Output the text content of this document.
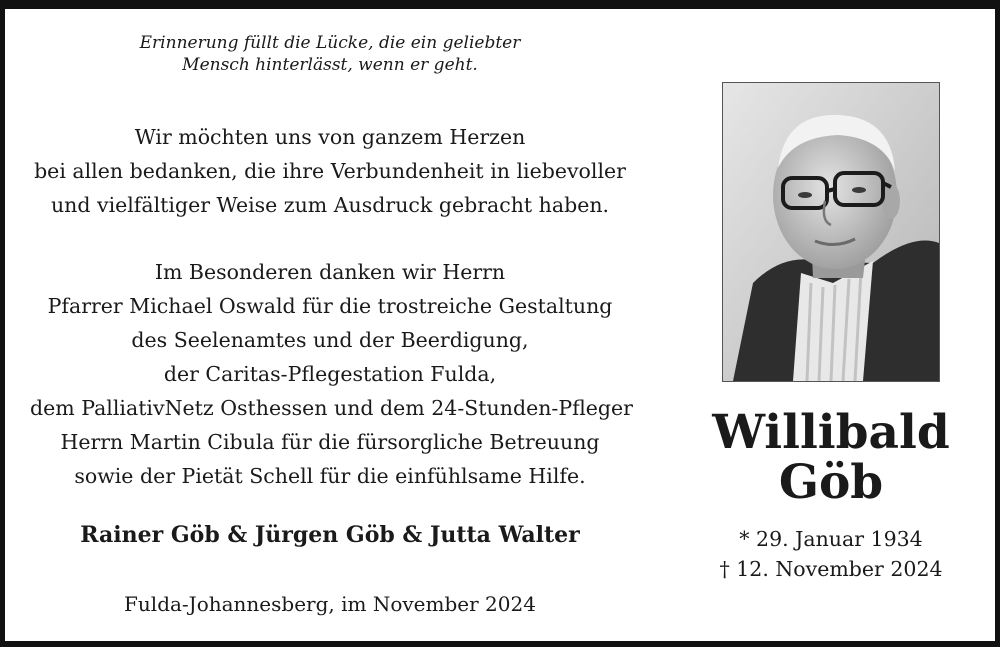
Erinnerung füllt die Lücke, die ein geliebter
Mensch hinterlässt, wenn er geht.
Wir möchten uns von ganzem Herzen
bei allen bedanken, die ihre Verbundenheit in liebevoller
und vielfältiger Weise zum Ausdruck gebracht haben.
Im Besonderen danken wir Herrn
Pfarrer Michael Oswald für die trostreiche Gestaltung
des Seelenamtes und der Beerdigung,
der Caritas-Pflegestation Fulda,
dem PalliativNetz Osthessen und dem 24-Stunden-Pfleger
Herrn Martin Cibula für die fürsorgliche Betreuung
sowie der Pietät Schell für die einfühlsame Hilfe.
Rainer Göb & Jürgen Göb & Jutta Walter
Fulda-Johannesberg, im November 2024
Willibald
Göb
* 29. Januar 1934
† 12. November 2024
